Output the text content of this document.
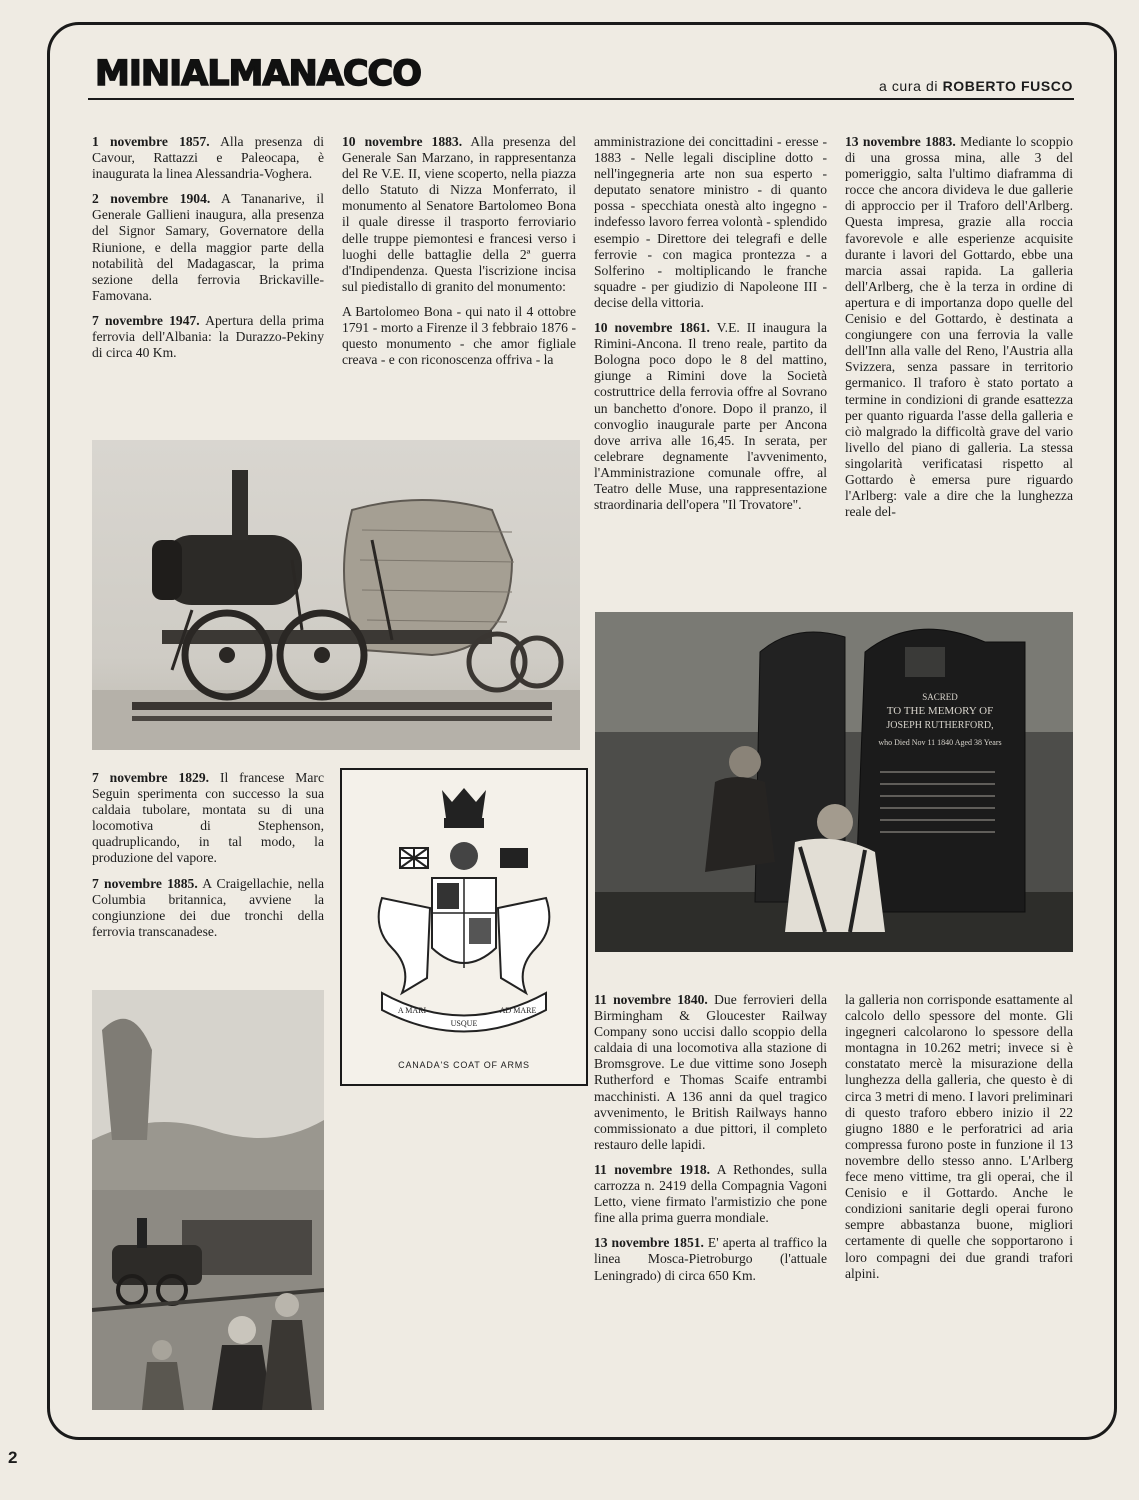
MINIALMANACCO	a cura di ROBERTO FUSCO

1 novembre 1857. Alla presenza di Cavour, Rattazzi e Paleocapa, è inaugurata la linea Alessandria-Voghera.

2 novembre 1904. A Tananarive, il Generale Gallieni inaugura, alla presenza del Signor Samary, Governatore della Riunione, e della maggior parte della notabilità del Madagascar, la prima sezione della ferrovia Brickaville-Famovana.

7 novembre 1947. Apertura della prima ferrovia dell'Albania: la Durazzo-Pekiny di circa 40 Km.

10 novembre 1883. Alla presenza del Generale San Marzano, in rappresentanza del Re V.E. II, viene scoperto, nella piazza dello Statuto di Nizza Monferrato, il monumento al Senatore Bartolomeo Bona il quale diresse il trasporto ferroviario delle truppe piemontesi e francesi verso i luoghi delle battaglie della 2ª guerra d'Indipendenza. Questa l'iscrizione incisa sul piedistallo di granito del monumento:

A Bartolomeo Bona - qui nato il 4 ottobre 1791 - morto a Firenze il 3 febbraio 1876 - questo monumento - che amor figliale creava - e con riconoscenza offriva - la

amministrazione dei concittadini - eresse - 1883 - Nelle legali discipline dotto - nell'ingegneria arte non sua esperto - deputato senatore ministro - di quanto possa - specchiata onestà alto ingegno - indefesso lavoro ferrea volontà - splendido esempio - Direttore dei telegrafi e delle ferrovie - con magica prontezza - a Solferino - moltiplicando le franche squadre - per giudizio di Napoleone III - decise della vittoria.

10 novembre 1861. V.E. II inaugura la Rimini-Ancona. Il treno reale, partito da Bologna poco dopo le 8 del mattino, giunge a Rimini dove la Società costruttrice della ferrovia offre al Sovrano un banchetto d'onore. Dopo il pranzo, il convoglio inaugurale parte per Ancona dove arriva alle 16,45. In serata, per celebrare degnamente l'avvenimento, l'Amministrazione comunale offre, al Teatro delle Muse, una rappresentazione straordinaria dell'opera "Il Trovatore".

13 novembre 1883. Mediante lo scoppio di una grossa mina, alle 3 del pomeriggio, salta l'ultimo diaframma di rocce che ancora divideva le due gallerie di approccio per il Traforo dell'Arlberg. Questa impresa, grazie alla roccia favorevole e alle esperienze acquisite durante i lavori del Gottardo, ebbe una marcia assai rapida. La galleria dell'Arlberg, che è la terza in ordine di apertura e di importanza dopo quelle del Cenisio e del Gottardo, è destinata a congiungere con una ferrovia la valle dell'Inn alla valle del Reno, l'Austria alla Svizzera, senza passare in territorio germanico. Il traforo è stato portato a termine in condizioni di grande esattezza per quanto riguarda l'asse della galleria e ciò malgrado la difficoltà grave del vario livello del piano di galleria. La stessa singolarità verificatasi rispetto al Gottardo è emersa pure riguardo l'Arlberg: vale a dire che la lunghezza reale del-

SACRED
TO THE MEMORY OF
JOSEPH RUTHERFORD,
who Died Nov 11 1840 Aged 38 Years

7 novembre 1829. Il francese Marc Seguin sperimenta con successo la sua caldaia tubolare, montata su di una locomotiva di Stephenson, quadruplicando, in tal modo, la produzione del vapore.

7 novembre 1885. A Craigellachie, nella Columbia britannica, avviene la congiunzione dei due tronchi della ferrovia transcanadese.

A MARI
USQUE
AD MARE
CANADA'S COAT OF ARMS

11 novembre 1840. Due ferrovieri della Birmingham & Gloucester Railway Company sono uccisi dallo scoppio della caldaia di una locomotiva alla stazione di Bromsgrove. Le due vittime sono Joseph Rutherford e Thomas Scaife entrambi macchinisti. A 136 anni da quel tragico avvenimento, le British Railways hanno commissionato a due pittori, il completo restauro delle lapidi.

11 novembre 1918. A Rethondes, sulla carrozza n. 2419 della Compagnia Vagoni Letto, viene firmato l'armistizio che pone fine alla prima guerra mondiale.

13 novembre 1851. E' aperta al traffico la linea Mosca-Pietroburgo (l'attuale Leningrado) di circa 650 Km.

la galleria non corrisponde esattamente al calcolo dello spessore del monte. Gli ingegneri calcolarono lo spessore della montagna in 10.262 metri; invece si è constatato mercè la misurazione della lunghezza della galleria, che questo è di circa 3 metri di meno. I lavori preliminari di questo traforo ebbero inizio il 22 giugno 1880 e le perforatrici ad aria compressa furono poste in funzione il 13 novembre dello stesso anno. L'Arlberg fece meno vittime, tra gli operai, che il Cenisio e il Gottardo. Anche le condizioni sanitarie degli operai furono sempre abbastanza buone, migliori certamente di quelle che sopportarono i loro compagni dei due grandi trafori alpini.

2
